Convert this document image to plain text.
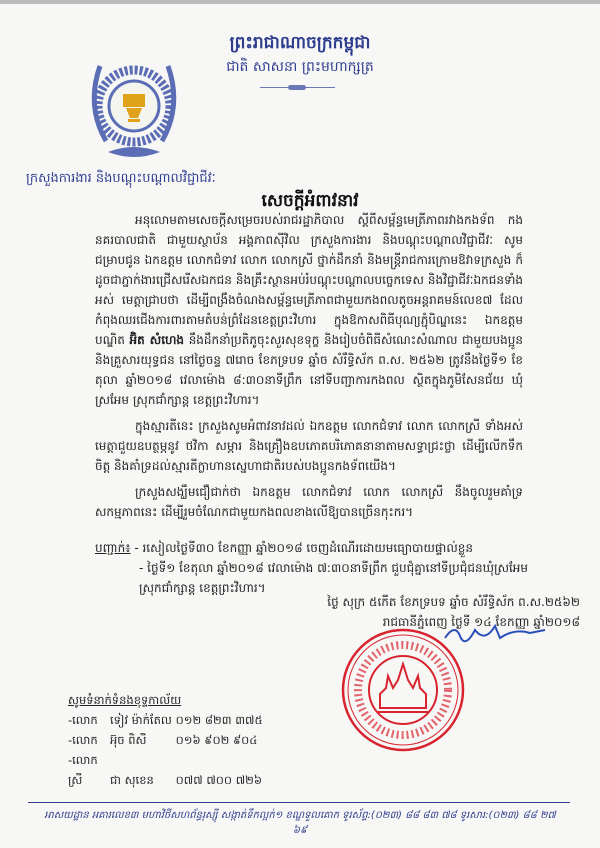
ព្រះរាជាណាចក្រកម្ពុជា
ជាតិ សាសនា ព្រះមហាក្សត្រ
ក្រសួងការងារ និងបណ្តុះបណ្តាលវិជ្ជាជីវៈ
សេចក្តីអំពាវនាវ

អនុលោមតាមសេចក្តីសម្រេចរបស់រាជរដ្ឋាភិបាល ស្តីពីសម្ព័ន្ធមេត្រីភាពរវាងកងទ័ព កងនគរបាលជាតិ ជាមួយស្ថាប័ន អង្គភាពស៊ីវិល ក្រសួងការងារ និងបណ្តុះបណ្តាលវិជ្ជាជីវៈ សូមជម្រាបជូន ឯកឧត្តម លោកជំទាវ លោក លោកស្រី ថ្នាក់ដឹកនាំ និងមន្ត្រីរាជការក្រោមឱវាទក្រសួង ក៏ដូចជាភ្នាក់ងារជ្រើសរើសឯកជន និងគ្រឹះស្ថានអប់រំបណ្តុះបណ្តាលបច្ចេកទេស និងវិជ្ជាជីវៈឯកជនទាំងអស់ មេត្តាជ្រាបថា ដើម្បីពង្រឹងចំណងសម្ព័ន្ធមេត្រីភាពជាមួយកងពលតូចអន្តរាគមន៍លេខ៧ ដែលកំពុងឈរជើងការពារតាមតំបន់ព្រំដែនខេត្តព្រះវិហារ ក្នុងឱកាសពិធីបុណ្យភ្ជុំបិណ្ឌនេះ ឯកឧត្តមបណ្ឌិត អ៊ិត សំហេង នឹងដឹកនាំប្រតិភូចុះសួរសុខទុក្ខ និងរៀបចំពិធីសំណេះសំណាល ជាមួយបងប្អូន និងគ្រួសារយុទ្ធជន នៅថ្ងៃចន្ទ ៧រោច ខែភទ្របទ ឆ្នាំច សំរឹទ្ធិស័ក ព.ស. ២៥៦២ ត្រូវនឹងថ្ងៃទី១ ខែតុលា ឆ្នាំ២០១៨ វេលាម៉ោង ៨:៣០នាទីព្រឹក នៅទីបញ្ជាការកងពល ស្ថិតក្នុងភូមិសែនជ័យ ឃុំស្រអែម ស្រុកជាំក្សាន្ត ខេត្តព្រះវិហារ។

ក្នុងស្មារតីនេះ ក្រសួងសូមអំពាវនាវដល់ ឯកឧត្តម លោកជំទាវ លោក លោកស្រី ទាំងអស់ មេត្តាជួយឧបត្ថម្ភនូវ ថវិកា សម្ភារ និងគ្រឿងឧបភោគបរិភោគនានាតាមសទ្ធាជ្រះថ្លា ដើម្បីលើកទឹកចិត្ត និងគាំទ្រដល់ស្មារតីក្លាហានស្នេហាជាតិរបស់បងប្អូនកងទ័ពយើង។

ក្រសួងសង្ឃឹមជឿជាក់ថា ឯកឧត្តម លោកជំទាវ លោក លោកស្រី នឹងចូលរួមគាំទ្រសកម្មភាពនេះ ដើម្បីរួមចំណែកជាមួយកងពលខាងលើឱ្យបានច្រើនកុះករ។

បញ្ជាក់៖ - រសៀលថ្ងៃទី៣០ ខែកញ្ញា ឆ្នាំ២០១៨ ចេញដំណើរដោយមធ្យោបាយផ្ទាល់ខ្លួន
- ថ្ងៃទី១ ខែតុលា ឆ្នាំ២០១៨ វេលាម៉ោង ៧:៣០នាទីព្រឹក ជួបជុំគ្នានៅទីប្រជុំជនឃុំស្រអែម ស្រុកជាំក្សាន្ត ខេត្តព្រះវិហារ។
ថ្ងៃ សុក្រ ៥កើត ខែភទ្របទ ឆ្នាំច សំរឹទ្ធិស័ក ព.ស.២៥៦២
រាជធានីភ្នំពេញ ថ្ងៃទី ១៤ ខែកញ្ញា ឆ្នាំ២០១៨
សូមទំនាក់ទំនងខុទ្ទកាល័យ
-លោក ទៀវ ម៉ាក់តែល ០១២ ៨២៣ ៣៧៥
-លោក អ៊ុច ពិសី	០១៦ ៩០២ ៩០៤
-លោកស្រី ជា សុខេន ០៧៧ ៧០០ ៧២៦
អាសយដ្ឋាន អគារលេខ៣ មហាវិថីសហព័ន្ធរុស្ស៊ី សង្កាត់ទឹកល្អក់១ ខណ្ឌទួលគោក ទូរស័ព្ទ:(០២៣) ៨៨ ៨៣ ៧៨ ទូរសារ:(០២៣) ៨៨ ២៧ ៦៩
